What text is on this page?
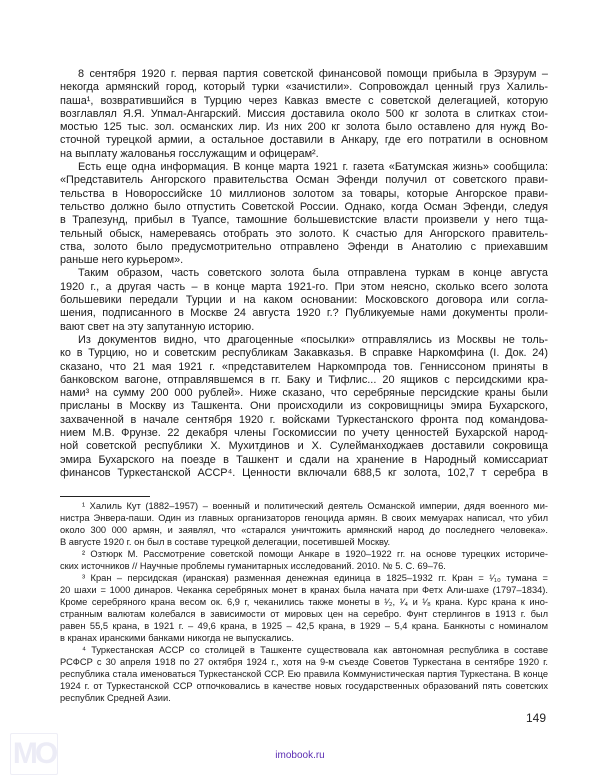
8 сентября 1920 г. первая партия советской финансовой помощи прибыла в Эрзурум –
некогда армянский город, который турки «зачистили». Сопровождал ценный груз Халиль-
паша¹, возвратившийся в Турцию через Кавказ вместе с советской делегацией, которую
возглавлял Я.Я. Упмал-Ангарский. Миссия доставила около 500 кг золота в слитках стои-
мостью 125 тыс. зол. османских лир. Из них 200 кг золота было оставлено для нужд Во-
сточной турецкой армии, а остальное доставили в Анкару, где его потратили в основном
на выплату жалованья госслужащим и офицерам².
Есть еще одна информация. В конце марта 1921 г. газета «Батумская жизнь» сообщила:
«Представитель Ангорского правительства Осман Эфенди получил от советского прави-
тельства в Новороссийске 10 миллионов золотом за товары, которые Ангорское прави-
тельство должно было отпустить Советской России. Однако, когда Осман Эфенди, следуя
в Трапезунд, прибыл в Туапсе, тамошние большевистские власти произвели у него тща-
тельный обыск, намереваясь отобрать это золото. К счастью для Ангорского правитель-
ства, золото было предусмотрительно отправлено Эфенди в Анатолию с приехавшим
раньше него курьером».
Таким образом, часть советского золота была отправлена туркам в конце августа
1920 г., а другая часть – в конце марта 1921-го. При этом неясно, сколько всего золота
большевики передали Турции и на каком основании: Московского договора или согла-
шения, подписанного в Москве 24 августа 1920 г.? Публикуемые нами документы проли-
вают свет на эту запутанную историю.
Из документов видно, что драгоценные «посылки» отправлялись из Москвы не толь-
ко в Турцию, но и советским республикам Закавказья. В справке Наркомфина (I. Док. 24)
сказано, что 21 мая 1921 г. «представителем Наркомпрода тов. Геннисcоном приняты в
банковском вагоне, отправлявшемся в гг. Баку и Тифлис... 20 ящиков с персидскими кра-
нами³ на сумму 200 000 рублей». Ниже сказано, что серебряные персидские краны были
присланы в Москву из Ташкента. Они происходили из сокровищницы эмира Бухарского,
захваченной в начале сентября 1920 г. войсками Туркестанского фронта под командова-
нием М.В. Фрунзе. 22 декабря члены Госкомиссии по учету ценностей Бухарской народ-
ной советской республики Х. Мухитдинов и Х. Сулейманходжаев доставили сокровища
эмира Бухарского на поезде в Ташкент и сдали на хранение в Народный комиссариат
финансов Туркестанской АССР⁴. Ценности включали 688,5 кг золота, 102,7 т серебра в
¹ Халиль Кут (1882–1957) – военный и политический деятель Османской империи, дядя военного ми-
нистра Энвера-паши. Один из главных организаторов геноцида армян. В своих мемуарах написал, что убил
около 300 000 армян, и заявлял, что «старался уничтожить армянский народ до последнего человека».
В августе 1920 г. он был в составе турецкой делегации, посетившей Москву.
² Озтюрк М. Рассмотрение советской помощи Анкаре в 1920–1922 гг. на основе турецких историче-
ских источников // Научные проблемы гуманитарных исследований. 2010. № 5. С. 69–76.
³ Кран – персидская (иранская) разменная денежная единица в 1825–1932 гг. Кран = ¹⁄₁₀ тумана =
20 шахи = 1000 динаров. Чеканка серебряных монет в кранах была начата при Фетх Али-шахе (1797–1834).
Кроме серебряного крана весом ок. 6,9 г, чеканились также монеты в ¹⁄₂, ¹⁄₄ и ¹⁄₈ крана. Курс крана к ино-
странным валютам колебался в зависимости от мировых цен на серебро. Фунт стерлингов в 1913 г. был
равен 55,5 крана, в 1921 г. – 49,6 крана, в 1925 – 42,5 крана, в 1929 – 5,4 крана. Банкноты с номиналом
в кранах иранскими банками никогда не выпускались.
⁴ Туркестанская АССР со столицей в Ташкенте существовала как автономная республика в составе
РСФСР с 30 апреля 1918 по 27 октября 1924 г., хотя на 9-м съезде Советов Туркестана в сентябре 1920 г.
республика стала именоваться Туркестанской ССР. Ею правила Коммунистическая партия Туркестана. В конце
1924 г. от Туркестанской ССР отпочковались в качестве новых государственных образований пять советских
республик Средней Азии.
149
MO	imobook.ru
